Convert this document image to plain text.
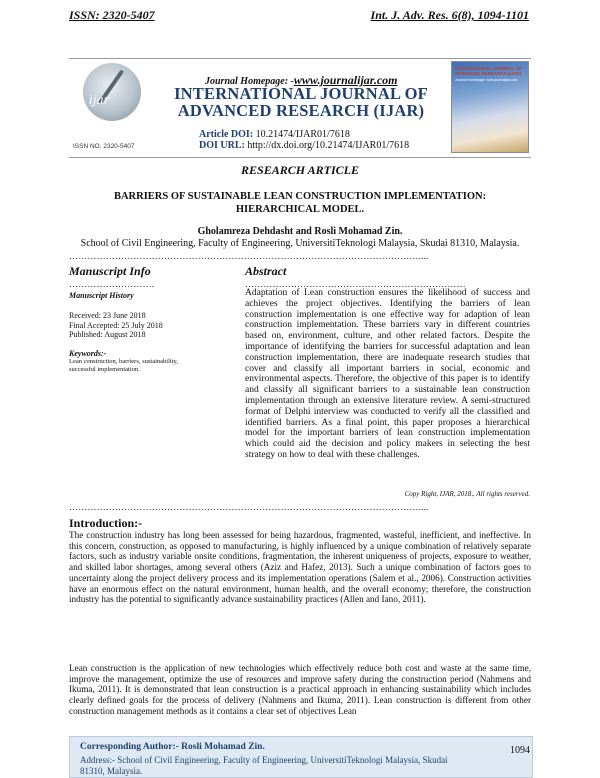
ISSN: 2320-5407	Int. J. Adv. Res. 6(8), 1094-1101
ijar
ISSN NO. 2320-5407
Journal Homepage: -www.journalijar.com
INTERNATIONAL JOURNAL OF ADVANCED RESEARCH (IJAR)
Article DOI: 10.21474/IJAR01/7618
DOI URL: http://dx.doi.org/10.21474/IJAR01/7618
INTERNATIONAL JOURNAL OF ADVANCED RESEARCH (IJAR)
Journal Homepage: www.journalijar.com
RESEARCH ARTICLE
BARRIERS OF SUSTAINABLE LEAN CONSTRUCTION IMPLEMENTATION: HIERARCHICAL MODEL.
Gholamreza Dehdasht and Rosli Mohamad Zin.
School of Civil Engineering, Faculty of Engineering, UniversitiTeknologi Malaysia, Skudai 81310, Malaysia.
……………………………………………………………………………………………………....
Manuscript Info	Abstract
……………………….	………………………………………………………………
Manuscript History
Received: 23 June 2018
Final Accepted: 25 July 2018
Published: August 2018
Keywords:-
Lean construction, barriers, sustainability, successful implementation.
Adaptation of Lean construction ensures the likelihood of success and achieves the project objectives. Identifying the barriers of lean construction implementation is one effective way for adaption of lean construction implementation. These barriers vary in different countries based on, environment, culture, and other related factors. Despite the importance of identifying the barriers for successful adaptation and lean construction implementation, there are inadequate research studies that cover and classify all important barriers in social, economic and environmental aspects. Therefore, the objective of this paper is to identify and classify all significant barriers to a sustainable lean construction implementation through an extensive literature review. A semi-structured format of Delphi interview was conducted to verify all the classified and identified barriers. As a final point, this paper proposes a hierarchical model for the important barriers of lean construction implementation which could aid the decision and policy makers in selecting the best strategy on how to deal with these challenges.
Copy Right, IJAR, 2018,. All rights reserved.
……………………………………………………………………………………………………....
Introduction:-
The construction industry has long been assessed for being hazardous, fragmented, wasteful, inefficient, and ineffective. In this concern, construction, as opposed to manufacturing, is highly influenced by a unique combination of relatively separate factors, such as industry variable onsite conditions, fragmentation, the inherent uniqueness of projects, exposure to weather, and skilled labor shortages, among several others (Aziz and Hafez, 2013). Such a unique combination of factors goes to uncertainty along the project delivery process and its implementation operations (Salem et al., 2006). Construction activities have an enormous effect on the natural environment, human health, and the overall economy; therefore, the construction industry has the potential to significantly advance sustainability practices (Allen and Iano, 2011).
Lean construction is the application of new technologies which effectively reduce both cost and waste at the same time, improve the management, optimize the use of resources and improve safety during the construction period (Nahmens and Ikuma, 2011). It is demonstrated that lean construction is a practical approach in enhancing sustainability which includes clearly defined goals for the process of delivery (Nahmens and Ikuma, 2011). Lean construction is different from other construction management methods as it contains a clear set of objectives Lean
Corresponding Author:- Rosli Mohamad Zin.
Address:- School of Civil Engineering, Faculty of Engineering, UniversitiTeknologi Malaysia, Skudai 81310, Malaysia.
1094
